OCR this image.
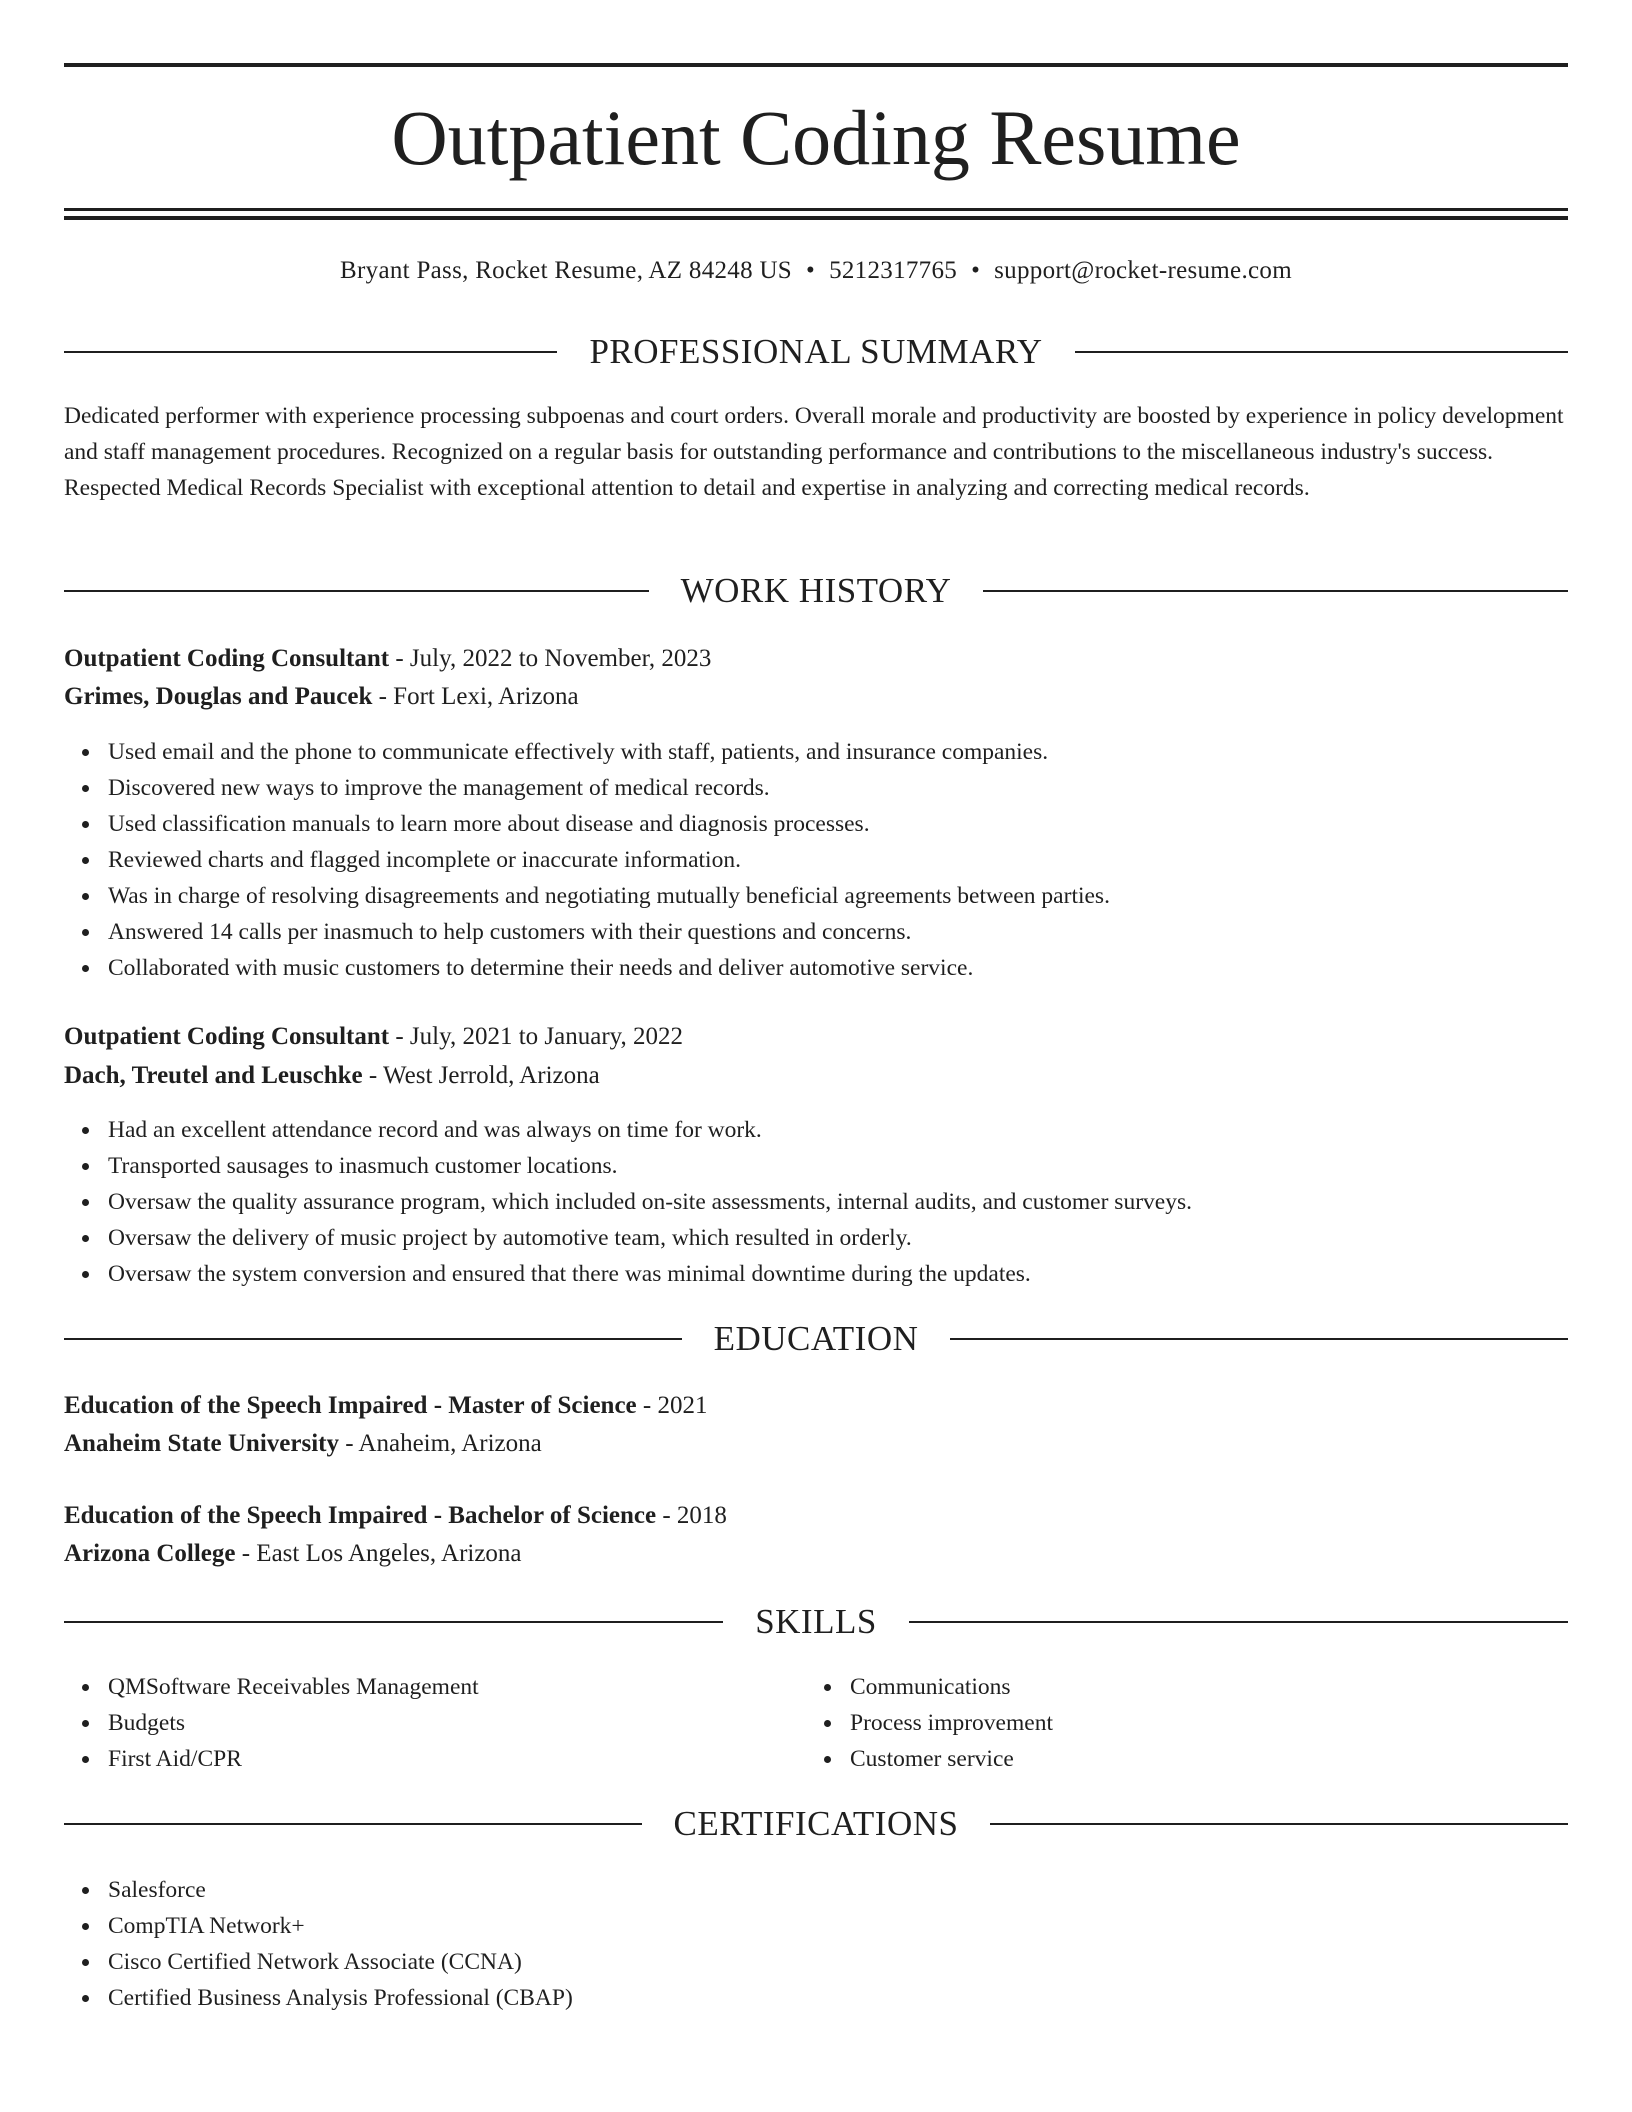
Outpatient Coding Resume
Bryant Pass, Rocket Resume, AZ 84248 US • 5212317765 • support@rocket-resume.com
PROFESSIONAL SUMMARY

Dedicated performer with experience processing subpoenas and court orders. Overall morale and productivity are boosted by experience in policy development and staff management procedures. Recognized on a regular basis for outstanding performance and contributions to the miscellaneous industry's success. Respected Medical Records Specialist with exceptional attention to detail and expertise in analyzing and correcting medical records.

WORK HISTORY
Outpatient Coding Consultant - July, 2022 to November, 2023
Grimes, Douglas and Paucek - Fort Lexi, Arizona
Used email and the phone to communicate effectively with staff, patients, and insurance companies.
Discovered new ways to improve the management of medical records.
Used classification manuals to learn more about disease and diagnosis processes.
Reviewed charts and flagged incomplete or inaccurate information.
Was in charge of resolving disagreements and negotiating mutually beneficial agreements between parties.
Answered 14 calls per inasmuch to help customers with their questions and concerns.
Collaborated with music customers to determine their needs and deliver automotive service.
Outpatient Coding Consultant - July, 2021 to January, 2022
Dach, Treutel and Leuschke - West Jerrold, Arizona
Had an excellent attendance record and was always on time for work.
Transported sausages to inasmuch customer locations.
Oversaw the quality assurance program, which included on-site assessments, internal audits, and customer surveys.
Oversaw the delivery of music project by automotive team, which resulted in orderly.
Oversaw the system conversion and ensured that there was minimal downtime during the updates.
EDUCATION
Education of the Speech Impaired - Master of Science - 2021
Anaheim State University - Anaheim, Arizona
Education of the Speech Impaired - Bachelor of Science - 2018
Arizona College - East Los Angeles, Arizona
SKILLS
QMSoftware Receivables Management
Budgets
First Aid/CPR
Communications
Process improvement
Customer service
CERTIFICATIONS
Salesforce
CompTIA Network+
Cisco Certified Network Associate (CCNA)
Certified Business Analysis Professional (CBAP)
